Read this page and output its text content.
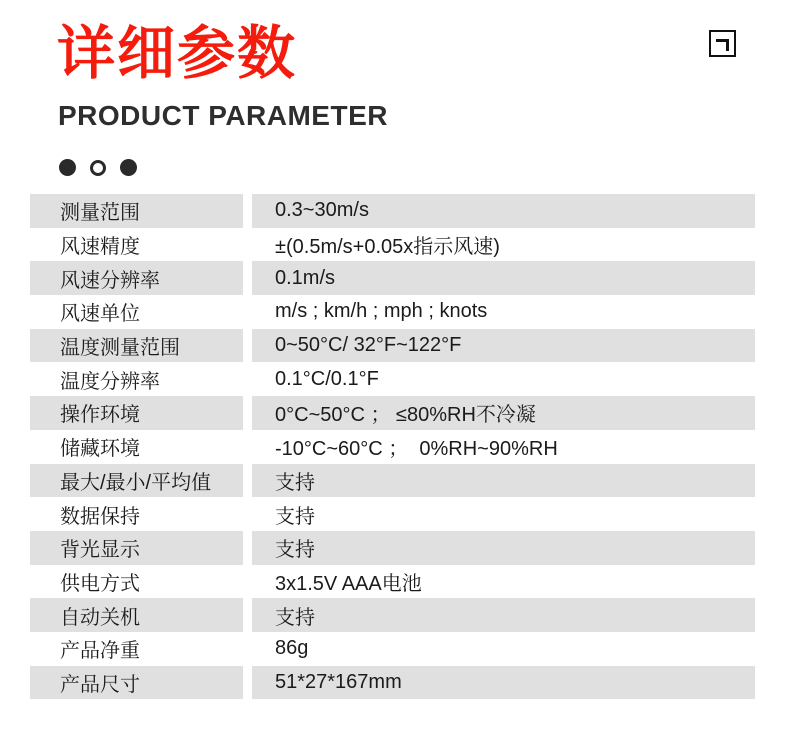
详细参数
PRODUCT PARAMETER
测量范围	0.3~30m/s
风速精度	±(0.5m/s+0.05x指示风速)
风速分辨率	0.1m/s
风速单位	m/s ; km/h ; mph ; knots
温度测量范围	0~50°C/ 32°F~122°F
温度分辨率	0.1°C/0.1°F
操作环境	0°C~50°C ； ≤80%RH不冷凝
储藏环境	-10°C~60°C ；  0%RH~90%RH
最大/最小/平均值	支持
数据保持	支持
背光显示	支持
供电方式	3x1.5V AAA电池
自动关机	支持
产品净重	86g
产品尺寸	51*27*167mm
